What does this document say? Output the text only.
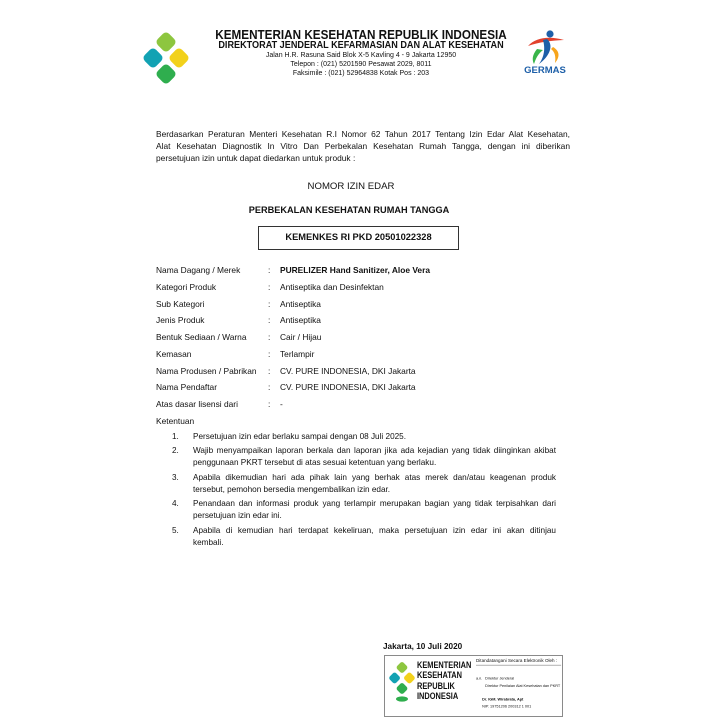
KEMENTERIAN KESEHATAN REPUBLIK INDONESIA
DIREKTORAT JENDERAL KEFARMASIAN DAN ALAT KESEHATAN
Jalan H.R. Rasuna Said Blok X-5 Kavling 4 - 9 Jakarta 12950
Telepon : (021) 5201590 Pesawat 2029, 8011
Faksimile : (021) 52964838 Kotak Pos : 203	GERMAS
Berdasarkan Peraturan Menteri Kesehatan R.I Nomor 62 Tahun 2017 Tentang Izin Edar Alat Kesehatan,
Alat Kesehatan Diagnostik In Vitro Dan Perbekalan Kesehatan Rumah Tangga, dengan ini diberikan
persetujuan izin untuk dapat diedarkan untuk produk :
NOMOR IZIN EDAR
PERBEKALAN KESEHATAN RUMAH TANGGA
KEMENKES RI PKD 20501022328
Nama Dagang / Merek	: PURELIZER Hand Sanitizer, Aloe Vera
Kategori Produk	: Antiseptika dan Desinfektan
Sub Kategori	: Antiseptika
Jenis Produk	: Antiseptika
Bentuk Sediaan / Warna	: Cair / Hijau
Kemasan	: Terlampir
Nama Produsen / Pabrikan : CV. PURE INDONESIA, DKI Jakarta
Nama Pendaftar	: CV. PURE INDONESIA, DKI Jakarta
Atas dasar lisensi dari	: -
Ketentuan
1. Persetujuan izin edar berlaku sampai dengan 08 Juli 2025.
2. Wajib menyampaikan laporan berkala dan laporan jika ada kejadian yang tidak diinginkan akibat
penggunaan PKRT tersebut di atas sesuai ketentuan yang berlaku.
3. Apabila dikemudian hari ada pihak lain yang berhak atas merek dan/atau keagenan produk
tersebut, pemohon bersedia mengembalikan izin edar.
4. Penandaan dan informasi produk yang terlampir merupakan bagian yang tidak terpisahkan dari
persetujuan izin edar ini.
5. Apabila di kemudian hari terdapat kekeliruan, maka persetujuan izin edar ini akan ditinjau
kembali.
Jakarta, 10 Juli 2020
KEMENTERIAN
KESEHATAN
REPUBLIK
INDONESIA
Ditandatangani Secara Elektronik Oleh :
a.n. Direktur Jenderal
Direktur Penilaian Alat Kesehatan dan PKRT
Dr. IGM. Wirabrata, Apt
NIP. 19751206 200312 1 001
